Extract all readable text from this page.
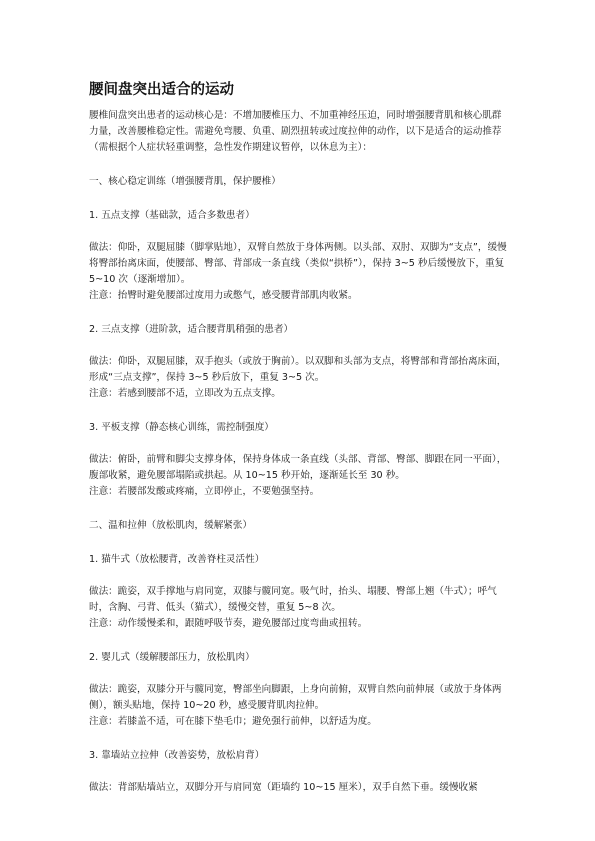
腰间盘突出适合的运动

腰椎间盘突出患者的运动核心是：不增加腰椎压力、不加重神经压迫，同时增强腰背肌和核心肌群力量，改善腰椎稳定性。需避免弯腰、负重、剧烈扭转或过度拉伸的动作，以下是适合的运动推荐（需根据个人症状轻重调整，急性发作期建议暂停，以休息为主）：

一、核心稳定训练（增强腰背肌，保护腰椎）

1. 五点支撑（基础款，适合多数患者）

做法：仰卧，双腿屈膝（脚掌贴地），双臂自然放于身体两侧。以头部、双肘、双脚为“支点”，缓慢将臀部抬离床面，使腰部、臀部、背部成一条直线（类似“拱桥”），保持 3~5 秒后缓慢放下，重复 5~10 次（逐渐增加）。

注意：抬臀时避免腰部过度用力或憋气，感受腰背部肌肉收紧。

2. 三点支撑（进阶款，适合腰背肌稍强的患者）

做法：仰卧，双腿屈膝，双手抱头（或放于胸前）。以双脚和头部为支点，将臀部和背部抬离床面，形成“三点支撑”，保持 3~5 秒后放下，重复 3~5 次。

注意：若感到腰部不适，立即改为五点支撑。

3. 平板支撑（静态核心训练，需控制强度）

做法：俯卧，前臂和脚尖支撑身体，保持身体成一条直线（头部、背部、臀部、脚跟在同一平面），腹部收紧，避免腰部塌陷或拱起。从 10~15 秒开始，逐渐延长至 30 秒。

注意：若腰部发酸或疼痛，立即停止，不要勉强坚持。

二、温和拉伸（放松肌肉，缓解紧张）

1. 猫牛式（放松腰背，改善脊柱灵活性）

做法：跪姿，双手撑地与肩同宽，双膝与髋同宽。吸气时，抬头、塌腰、臀部上翘（牛式）；呼气时，含胸、弓背、低头（猫式），缓慢交替，重复 5~8 次。

注意：动作缓慢柔和，跟随呼吸节奏，避免腰部过度弯曲或扭转。

2. 婴儿式（缓解腰部压力，放松肌肉）

做法：跪姿，双膝分开与髋同宽，臀部坐向脚跟，上身向前俯，双臂自然向前伸展（或放于身体两侧），额头贴地，保持 10~20 秒，感受腰背肌肉拉伸。

注意：若膝盖不适，可在膝下垫毛巾；避免强行前伸，以舒适为度。

3. 靠墙站立拉伸（改善姿势，放松肩背）

做法：背部贴墙站立，双脚分开与肩同宽（距墙约 10~15 厘米），双手自然下垂。缓慢收紧
